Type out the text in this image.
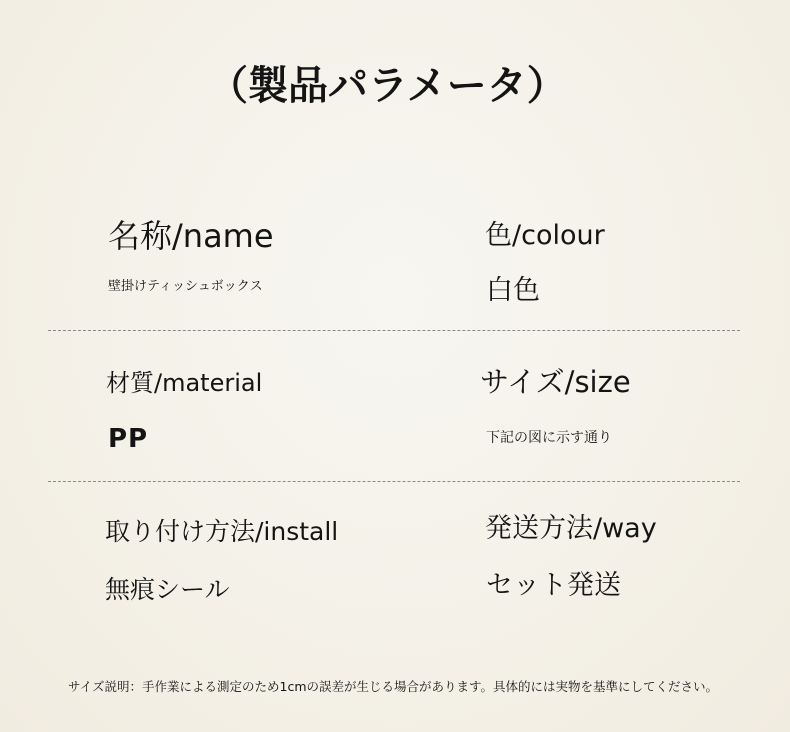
（製品パラメータ）
名称/name
壁掛けティッシュボックス
色/colour
白色
材質/material
PP
サイズ/size
下記の図に示す通り
取り付け方法/install
無痕シール
発送方法/way
セット発送
サイズ説明：手作業による測定のため1cmの誤差が生じる場合があります。具体的には実物を基準にしてください。
